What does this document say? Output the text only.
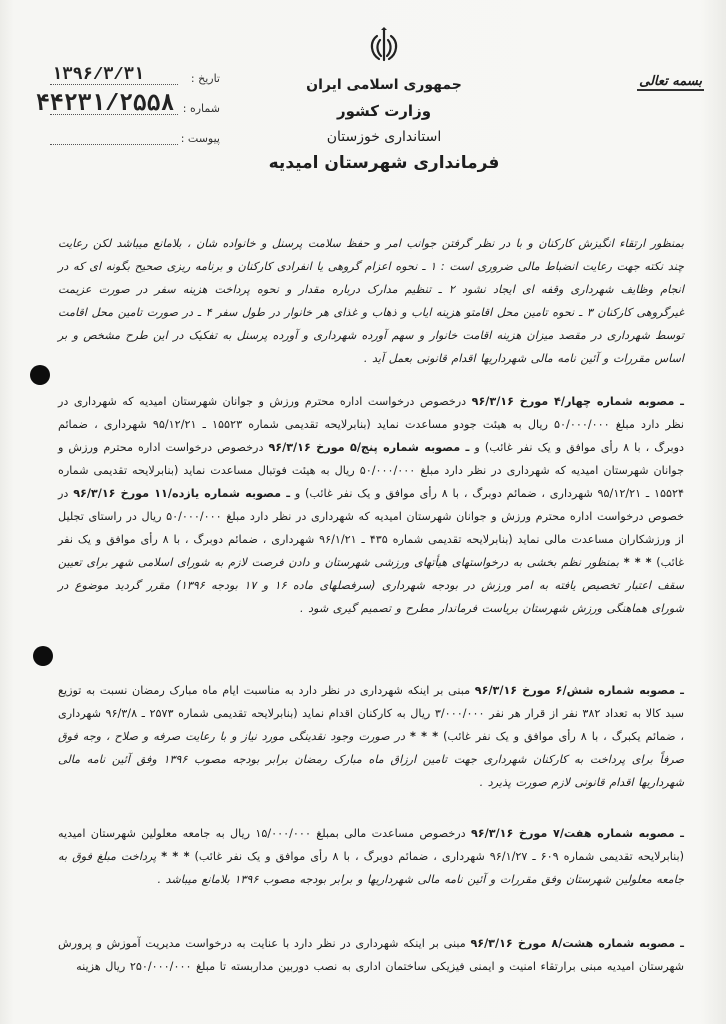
بسمه تعالی
جمهوری اسلامی ایران
وزارت کشور
استانداری خوزستان
فرمانداری شهرستان امیدیه
۱۳۹۶/۳/۳۱	تاریخ :
۴۴۲۳۱/۲۵۵۸ شماره :
پیوست :

بمنظور ارتقاء انگیزش کارکنان و با در نظر گرفتن جوانب امر و حفظ سلامت پرسنل و خانواده شان ، بلامانع میباشد لکن رعایت چند نکته جهت رعایت انضباط مالی ضروری است : ۱ ـ نحوه اعزام گروهی یا انفرادی کارکنان و برنامه ریزی صحیح بگونه ای که در انجام وظایف شهرداری وقفه ای ایجاد نشود ۲ ـ تنظیم مدارک درباره مقدار و نحوه پرداخت هزینه سفر در صورت عزیمت غیرگروهی کارکنان ۳ ـ نحوه تامین محل اقامتو هزینه ایاب و ذهاب و غذای هر خانوار در طول سفر ۴ ـ در صورت تامین محل اقامت توسط شهرداری در مقصد میزان هزینه اقامت خانوار و سهم آورده شهرداری و آورده پرسنل به تفکیک در این طرح مشخص و بر اساس مقررات و آئین نامه مالی شهرداریها اقدام قانونی بعمل آید .

ـ مصوبه شماره چهار/۴ مورخ ۹۶/۳/۱۶ درخصوص درخواست اداره محترم ورزش و جوانان شهرستان امیدیه که شهرداری در نظر دارد مبلغ ۵۰/۰۰۰/۰۰۰ ریال به هیئت جودو مساعدت نماید (بنابرلایحه تقدیمی شماره ۱۵۵۲۳ ـ ۹۵/۱۲/۲۱ شهرداری ، ضمائم دوبرگ ، با ۸ رأی موافق و یک نفر غائب) و ـ مصوبه شماره پنج/۵ مورخ ۹۶/۳/۱۶ درخصوص درخواست اداره محترم ورزش و جوانان شهرستان امیدیه که شهرداری در نظر دارد مبلغ ۵۰/۰۰۰/۰۰۰ ریال به هیئت فوتبال مساعدت نماید (بنابرلایحه تقدیمی شماره ۱۵۵۲۴ ـ ۹۵/۱۲/۲۱ شهرداری ، ضمائم دوبرگ ، با ۸ رأی موافق و یک نفر غائب) و ـ مصوبه شماره یازده/۱۱ مورخ ۹۶/۳/۱۶ در خصوص درخواست اداره محترم ورزش و جوانان شهرستان امیدیه که شهرداری در نظر دارد مبلغ ۵۰/۰۰۰/۰۰۰ ریال در راستای تجلیل از ورزشکاران مساعدت مالی نماید (بنابرلایحه تقدیمی شماره ۴۳۵ ـ ۹۶/۱/۲۱ شهرداری ، ضمائم دوبرگ ، با ۸ رأی موافق و یک نفر غائب) * * * بمنظور نظم بخشی به درخواستهای هیأتهای ورزشی شهرستان و دادن فرصت لازم به شورای اسلامی شهر برای تعیین سقف اعتبار تخصیص یافته به امر ورزش در بودجه شهرداری (سرفصلهای ماده ۱۶ و ۱۷ بودجه ۱۳۹۶) مقرر گردید موضوع در شورای هماهنگی ورزش شهرستان بریاست فرماندار مطرح و تصمیم گیری شود .

ـ مصوبه شماره شش/۶ مورخ ۹۶/۳/۱۶ مبنی بر اینکه شهرداری در نظر دارد به مناسبت ایام ماه مبارک رمضان نسبت به توزیع سبد کالا به تعداد ۳۸۲ نفر از قرار هر نفر ۳/۰۰۰/۰۰۰ ریال به کارکنان اقدام نماید (بنابرلایحه تقدیمی شماره ۲۵۷۳ ـ ۹۶/۳/۸ شهرداری ، ضمائم یکبرگ ، با ۸ رأی موافق و یک نفر غائب) * * * در صورت وجود نقدینگی مورد نیاز و با رعایت صرفه و صلاح ، وجه فوق صرفاً برای پرداخت به کارکنان شهرداری جهت تامین ارزاق ماه مبارک رمضان برابر بودجه مصوب ۱۳۹۶ وفق آئین نامه مالی شهرداریها اقدام قانونی لازم صورت پذیرد .

ـ مصوبه شماره هفت/۷ مورخ ۹۶/۳/۱۶ درخصوص مساعدت مالی بمبلغ ۱۵/۰۰۰/۰۰۰ ریال به جامعه معلولین شهرستان امیدیه (بنابرلایحه تقدیمی شماره ۶۰۹ ـ ۹۶/۱/۲۷ شهرداری ، ضمائم دوبرگ ، با ۸ رأی موافق و یک نفر غائب) * * * پرداخت مبلغ فوق به جامعه معلولین شهرستان وفق مقررات و آئین نامه مالی شهرداریها و برابر بودجه مصوب ۱۳۹۶ بلامانع میباشد .

ـ مصوبه شماره هشت/۸ مورخ ۹۶/۳/۱۶ مبنی بر اینکه شهرداری در نظر دارد با عنایت به درخواست مدیریت آموزش و پرورش شهرستان امیدیه مبنی برارتقاء امنیت و ایمنی فیزیکی ساختمان اداری به نصب دوربین مداربسته تا مبلغ ۲۵۰/۰۰۰/۰۰۰ ریال هزینه
